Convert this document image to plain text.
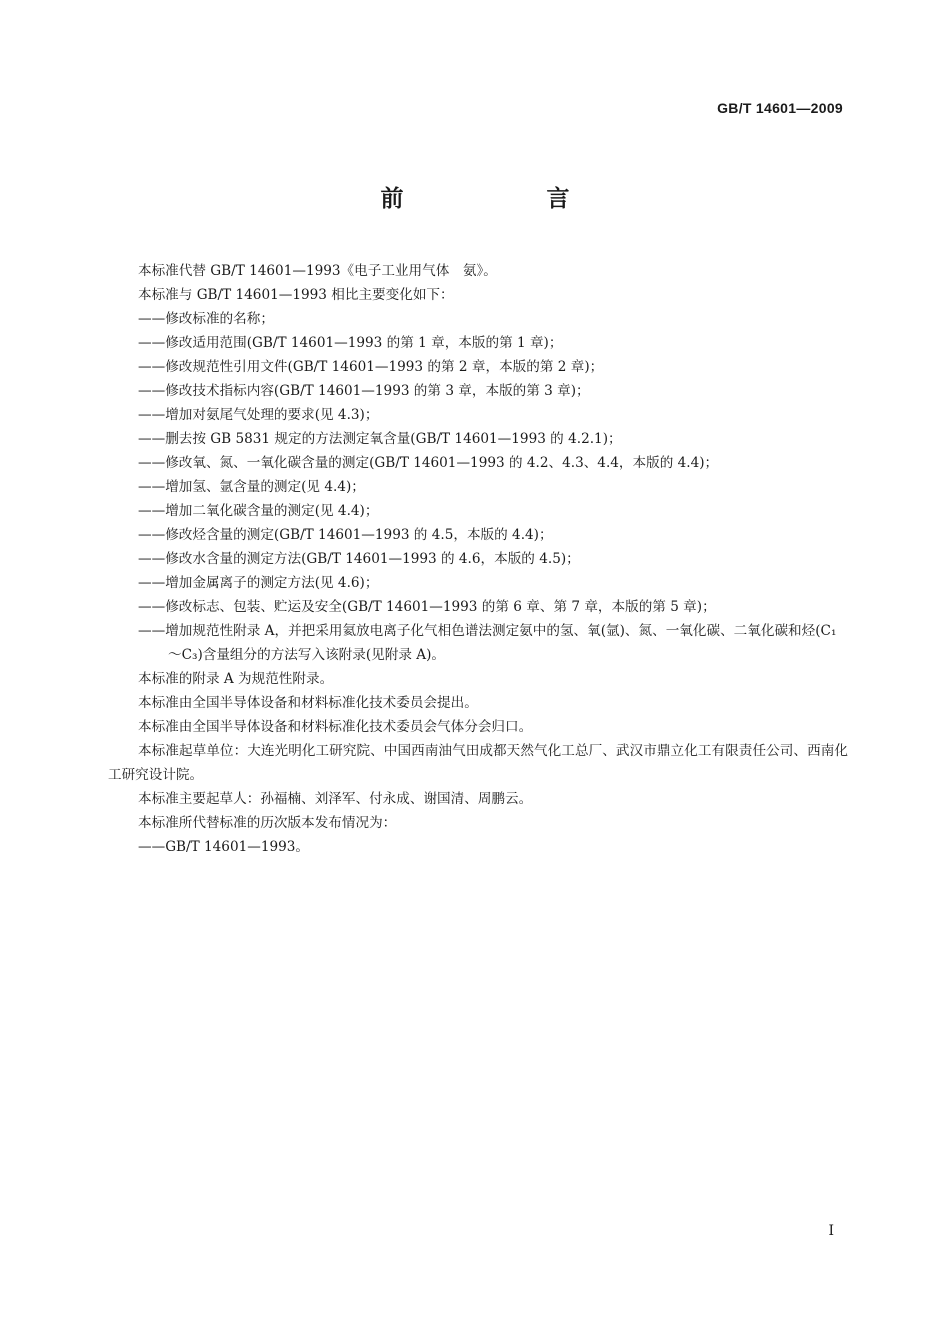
GB/T 14601—2009
前　言

本标准代替 GB/T 14601—1993《电子工业用气体　氨》。

本标准与 GB/T 14601—1993 相比主要变化如下：

——修改标准的名称；

——修改适用范围(GB/T 14601—1993 的第 1 章，本版的第 1 章)；

——修改规范性引用文件(GB/T 14601—1993 的第 2 章，本版的第 2 章)；

——修改技术指标内容(GB/T 14601—1993 的第 3 章，本版的第 3 章)；

——增加对氨尾气处理的要求(见 4.3)；

——删去按 GB 5831 规定的方法测定氧含量(GB/T 14601—1993 的 4.2.1)；

——修改氧、氮、一氧化碳含量的测定(GB/T 14601—1993 的 4.2、4.3、4.4，本版的 4.4)；

——增加氢、氩含量的测定(见 4.4)；

——增加二氧化碳含量的测定(见 4.4)；

——修改烃含量的测定(GB/T 14601—1993 的 4.5，本版的 4.4)；

——修改水含量的测定方法(GB/T 14601—1993 的 4.6，本版的 4.5)；

——增加金属离子的测定方法(见 4.6)；

——修改标志、包装、贮运及安全(GB/T 14601—1993 的第 6 章、第 7 章，本版的第 5 章)；

——增加规范性附录 A，并把采用氦放电离子化气相色谱法测定氨中的氢、氧(氩)、氮、一氧化碳、二氧化碳和烃(C₁～C₃)含量组分的方法写入该附录(见附录 A)。

本标准的附录 A 为规范性附录。

本标准由全国半导体设备和材料标准化技术委员会提出。

本标准由全国半导体设备和材料标准化技术委员会气体分会归口。

本标准起草单位：大连光明化工研究院、中国西南油气田成都天然气化工总厂、武汉市鼎立化工有限责任公司、西南化工研究设计院。

本标准主要起草人：孙福楠、刘泽军、付永成、谢国清、周鹏云。

本标准所代替标准的历次版本发布情况为：

——GB/T 14601—1993。

I
